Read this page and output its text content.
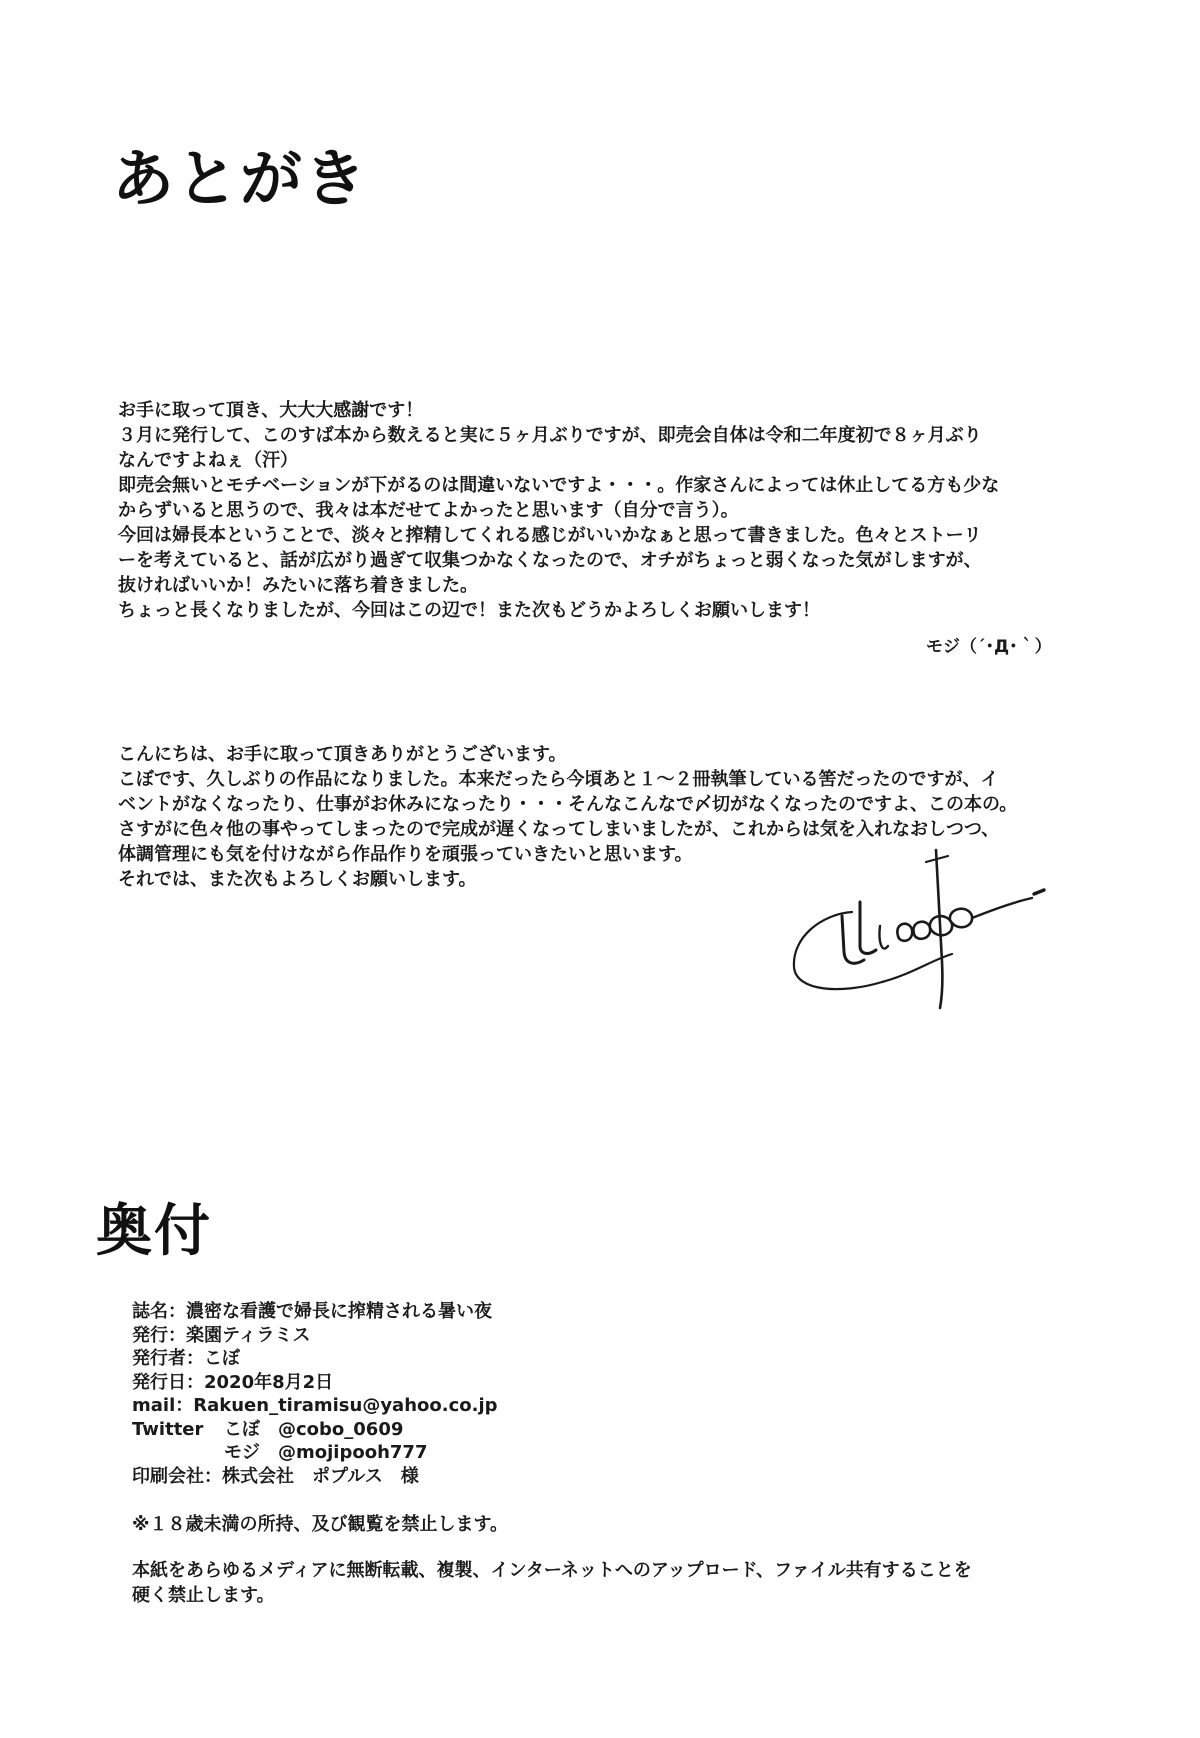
あとがき
お手に取って頂き、大大大感謝です！
３月に発行して、このすば本から数えると実に５ヶ月ぶりですが、即売会自体は令和二年度初で８ヶ月ぶり
なんですよねぇ（汗）
即売会無いとモチベーションが下がるのは間違いないですよ・・・。作家さんによっては休止してる方も少な
からずいると思うので、我々は本だせてよかったと思います（自分で言う）。
今回は婦長本ということで、淡々と搾精してくれる感じがいいかなぁと思って書きました。色々とストーリ
ーを考えていると、話が広がり過ぎて収集つかなくなったので、オチがちょっと弱くなった気がしますが、
抜ければいいか！みたいに落ち着きました。
ちょっと長くなりましたが、今回はこの辺で！また次もどうかよろしくお願いします！
モジ（´･Д･｀）
こんにちは、お手に取って頂きありがとうございます。
こぼです、久しぶりの作品になりました。本来だったら今頃あと１～２冊執筆している筈だったのですが、イ
ベントがなくなったり、仕事がお休みになったり・・・そんなこんなで〆切がなくなったのですよ、この本の。
さすがに色々他の事やってしまったので完成が遅くなってしまいましたが、これからは気を入れなおしつつ、
体調管理にも気を付けながら作品作りを頑張っていきたいと思います。
それでは、また次もよろしくお願いします。
奥付
誌名：濃密な看護で婦長に搾精される暑い夜
発行：楽園ティラミス
発行者：こぼ
発行日：2020年8月2日
mail：Rakuen_tiramisu@yahoo.co.jp
Twitter こぼ　@cobo_0609
モジ　@mojipooh777
印刷会社：株式会社　ポプルス　様
※１８歳未満の所持、及び観覧を禁止します。
本紙をあらゆるメディアに無断転載、複製、インターネットへのアップロード、ファイル共有することを
硬く禁止します。
